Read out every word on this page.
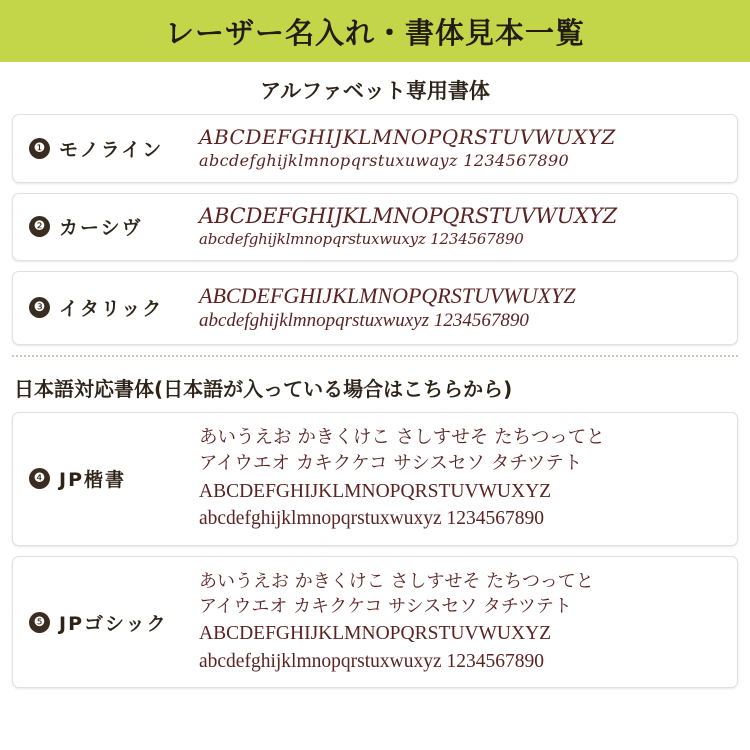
レーザー名入れ・書体見本一覧
アルファベット専用書体
❶ モノライン
ABCDEFGHIJKLMNOPQRSTUVWUXYZ
abcdefghijklmnopqrstuxuwayz 1234567890
❷ カーシヴ
ABCDEFGHIJKLMNOPQRSTUVWUXYZ
abcdefghijklmnopqrstuxwuxyz 1234567890
❸ イタリック
ABCDEFGHIJKLMNOPQRSTUVWUXYZ
abcdefghijklmnopqrstuxwuxyz 1234567890
日本語対応書体(日本語が入っている場合はこちらから)
❹ JP楷書
あいうえお かきくけこ さしすせそ たちつってと
アイウエオ カキクケコ サシスセソ タチツテト
ABCDEFGHIJKLMNOPQRSTUVWUXYZ
abcdefghijklmnopqrstuxwuxyz 1234567890
❺ JPゴシック
あいうえお かきくけこ さしすせそ たちつってと
アイウエオ カキクケコ サシスセソ タチツテト
ABCDEFGHIJKLMNOPQRSTUVWUXYZ
abcdefghijklmnopqrstuxwuxyz 1234567890
